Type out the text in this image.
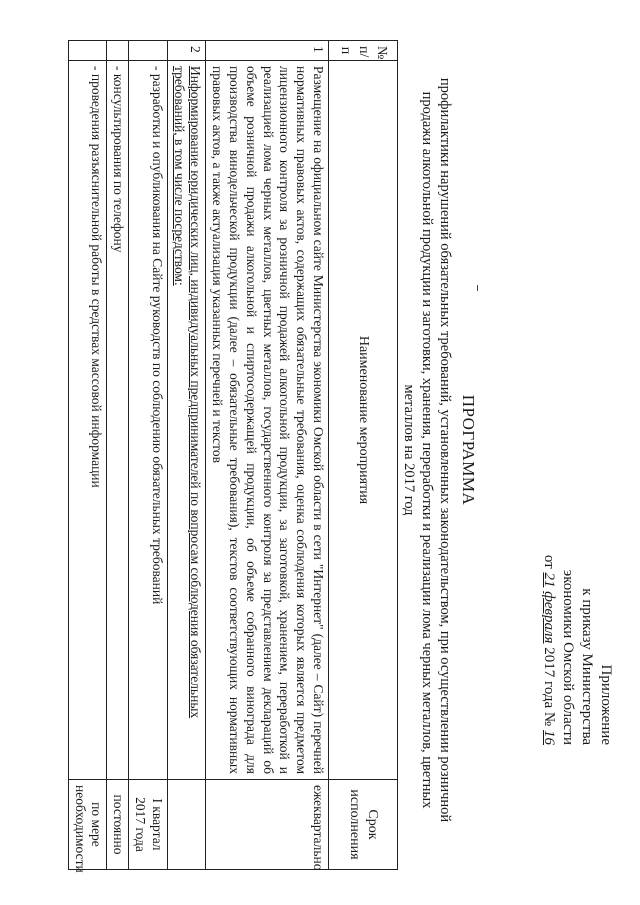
Приложение
к приказу Министерства
экономики Омской области
от 21 февраля 2017 года № 16
ПРОГРАММА
профилактики нарушений обязательных требований, установленных законодательством, при осуществлении розничной продажи алкогольной продукции и заготовки, хранения, переработки и реализации лома черных металлов, цветных металлов на 2017 год
№ п/п	Наименование мероприятия	Срок исполнения
1	Размещение на официальном сайте Министерства экономики Омской области в сети "Интернет" (далее – Сайт) перечней нормативных правовых актов, содержащих обязательные требования, оценка соблюдения которых является предметом лицензионного контроля за розничной продажей алкогольной продукции, за заготовкой, хранением, переработкой и реализацией лома черных металлов, цветных металлов, государственного контроля за представлением деклараций об объеме розничной продажи алкогольной и спиртосодержащей продукции, об объеме собранного винограда для производства винодельческой продукции (далее – обязательные требования), текстов соответствующих нормативных правовых актов, а также актуализация указанных перечней и текстов	ежеквартально
2	Информирование юридических лиц, индивидуальных предпринимателей по вопросам соблюдения обязательных требований, в том числе посредством:	
	- разработки и опубликования на Сайте руководств по соблюдению обязательных требований	I квартал 2017 года
	- консультирования по телефону	постоянно
	- проведения разъяснительной работы в средствах массовой информации	по мере необходимости
